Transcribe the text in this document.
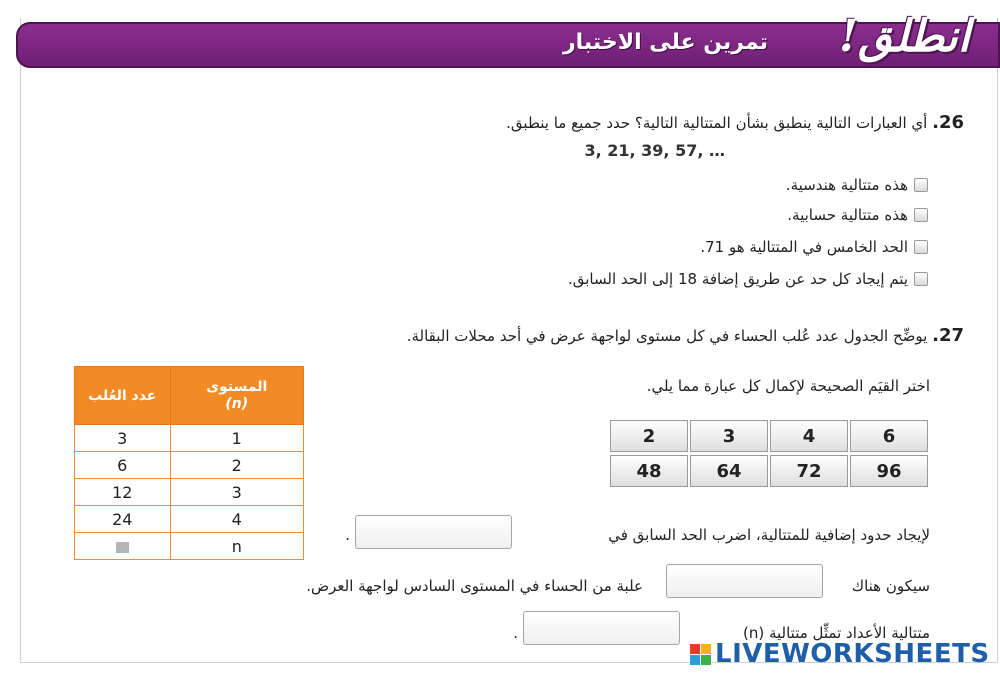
تمرين على الاختبار	انطلق!
26. أي العبارات التالية ينطبق بشأن المتتالية التالية؟ حدد جميع ما ينطبق.
3, 21, 39, 57, …
هذه متتالية هندسية.
هذه متتالية حسابية.
الحد الخامس في المتتالية هو 71.
يتم إيجاد كل حد عن طريق إضافة 18 إلى الحد السابق.
27. يوضِّح الجدول عدد عُلب الحساء في كل مستوى لواجهة عرض في أحد محلات البقالة.
اختر القيَم الصحيحة لإكمال كل عبارة مما يلي.
عدد العُلب	المستوى
(n)

3	1
6	2
12	3
24	4
	n
2	3	4	6
48	64	72	96
لإيجاد حدود إضافية للمتتالية، اضرب الحد السابق في
.
سيكون هناك
علبة من الحساء في المستوى السادس لواجهة العرض.
متتالية الأعداد تمثِّل متتالية (n)
.
LIVEWORKSHEETS
